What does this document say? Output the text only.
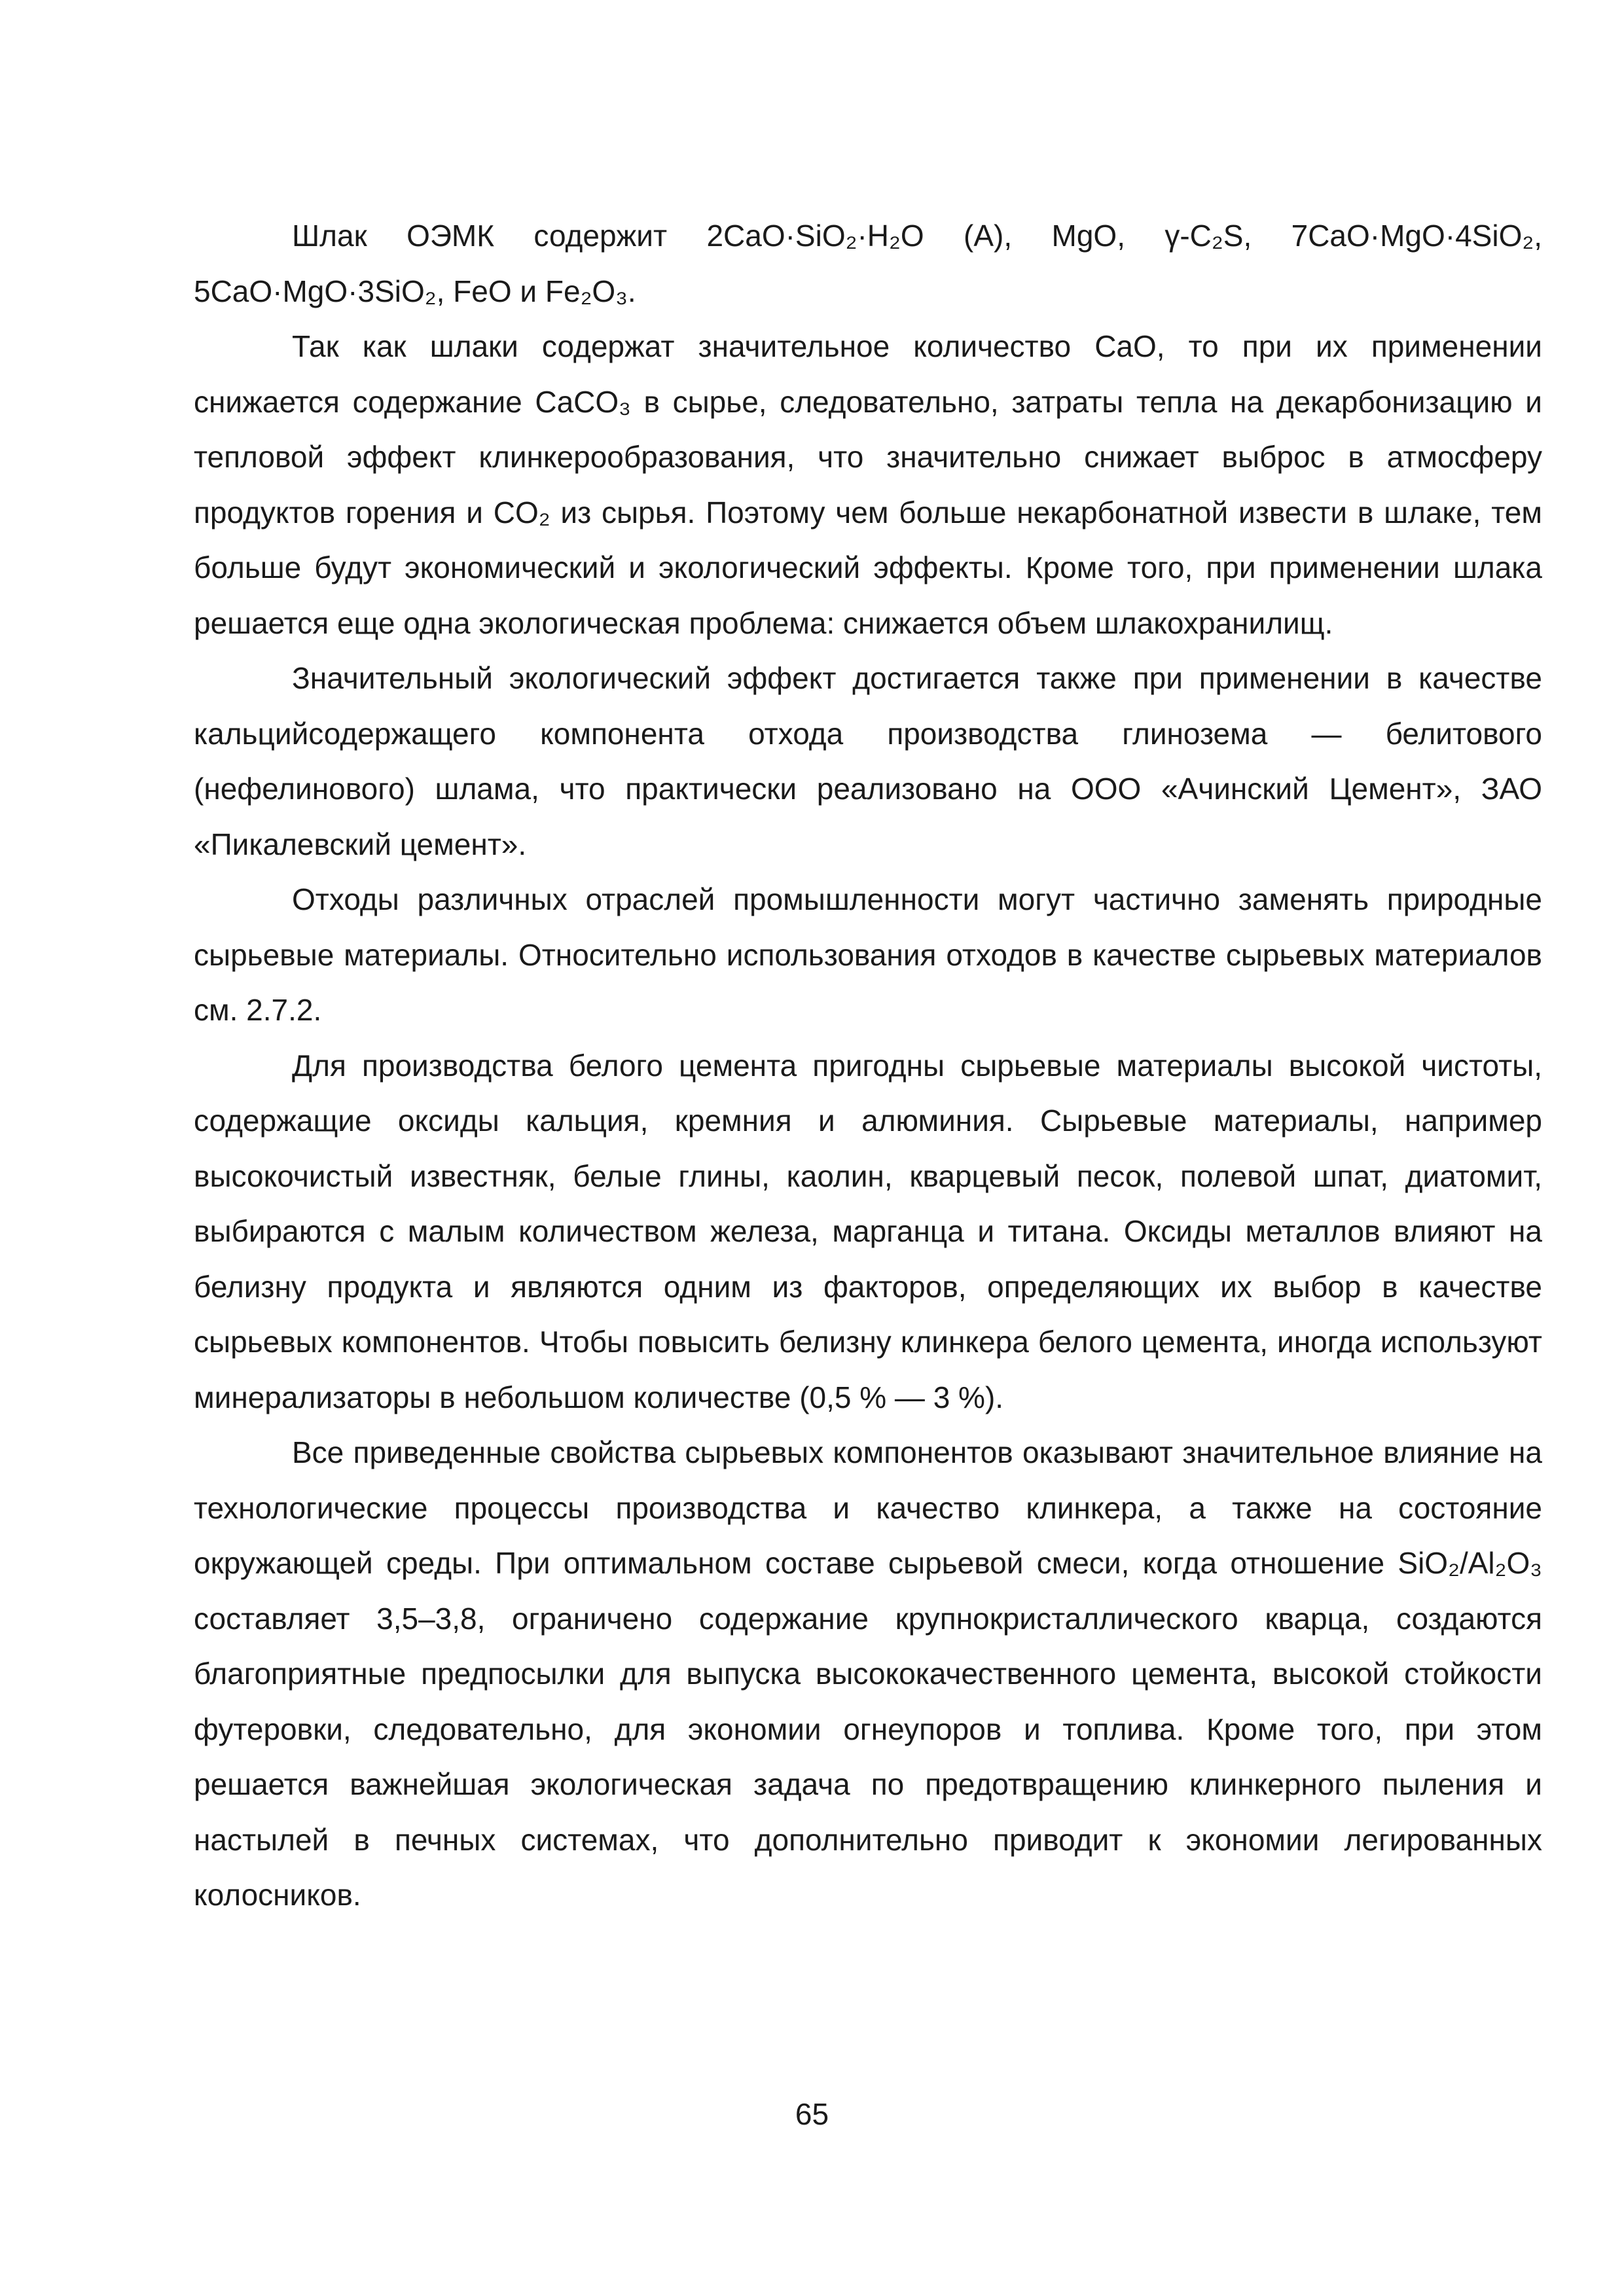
Шлак ОЭМК содержит 2CaO·SiO₂·H₂O (A), MgO, γ-C₂S, 7CaO·MgO·4SiO₂, 5CaO·MgO·3SiO₂, FeO и Fe₂O₃.

Так как шлаки содержат значительное количество CaO, то при их применении снижается содержание CaCO₃ в сырье, следовательно, затраты тепла на декарбонизацию и тепловой эффект клинкерообразования, что значительно снижает выброс в атмосферу продуктов горения и CO₂ из сырья. Поэтому чем больше некарбонатной извести в шлаке, тем больше будут экономический и экологический эффекты. Кроме того, при применении шлака решается еще одна экологическая проблема: снижается объем шлакохранилищ.

Значительный экологический эффект достигается также при применении в качестве кальцийсодержащего компонента отхода производства глинозема — белитового (нефелинового) шлама, что практически реализовано на ООО «Ачинский Цемент», ЗАО «Пикалевский цемент».

Отходы различных отраслей промышленности могут частично заменять природные сырьевые материалы. Относительно использования отходов в качестве сырьевых материалов см. 2.7.2.

Для производства белого цемента пригодны сырьевые материалы высокой чистоты, содержащие оксиды кальция, кремния и алюминия. Сырьевые материалы, например высокочистый известняк, белые глины, каолин, кварцевый песок, полевой шпат, диатомит, выбираются с малым количеством железа, марганца и титана. Оксиды металлов влияют на белизну продукта и являются одним из факторов, определяющих их выбор в качестве сырьевых компонентов. Чтобы повысить белизну клинкера белого цемента, иногда используют минерализаторы в небольшом количестве (0,5 % — 3 %).

Все приведенные свойства сырьевых компонентов оказывают значительное влияние на технологические процессы производства и качество клинкера, а также на состояние окружающей среды. При оптимальном составе сырьевой смеси, когда отношение SiO₂/Al₂O₃ составляет 3,5–3,8, ограничено содержание крупнокристаллического кварца, создаются благоприятные предпосылки для выпуска высококачественного цемента, высокой стойкости футеровки, следовательно, для экономии огнеупоров и топлива. Кроме того, при этом решается важнейшая экологическая задача по предотвращению клинкерного пыления и настылей в печных системах, что дополнительно приводит к экономии легированных колосников.

65
